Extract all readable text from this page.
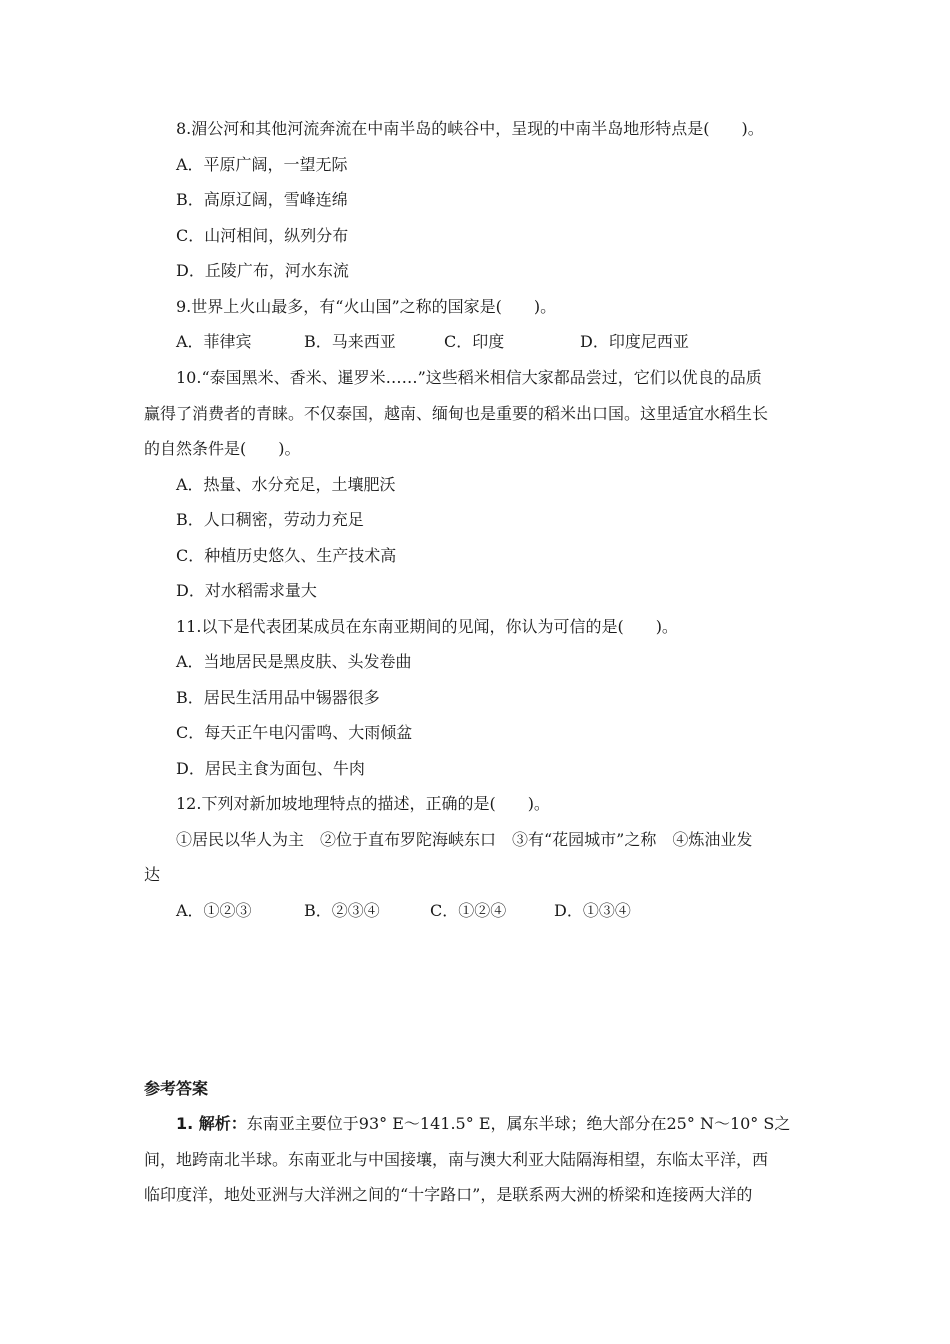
8.湄公河和其他河流奔流在中南半岛的峡谷中，呈现的中南半岛地形特点是(　　)。
A．平原广阔，一望无际
B．高原辽阔，雪峰连绵
C．山河相间，纵列分布
D．丘陵广布，河水东流
9.世界上火山最多，有“火山国”之称的国家是(　　)。
A．菲律宾	B．马来西亚	C．印度	D．印度尼西亚
10.“泰国黑米、香米、暹罗米……”这些稻米相信大家都品尝过，它们以优良的品质
赢得了消费者的青睐。不仅泰国，越南、缅甸也是重要的稻米出口国。这里适宜水稻生长
的自然条件是(　　)。
A．热量、水分充足，土壤肥沃
B．人口稠密，劳动力充足
C．种植历史悠久、生产技术高
D．对水稻需求量大
11.以下是代表团某成员在东南亚期间的见闻，你认为可信的是(　　)。
A．当地居民是黑皮肤、头发卷曲
B．居民生活用品中锡器很多
C．每天正午电闪雷鸣、大雨倾盆
D．居民主食为面包、牛肉
12.下列对新加坡地理特点的描述，正确的是(　　)。
①居民以华人为主　②位于直布罗陀海峡东口　③有“花园城市”之称　④炼油业发
达
A．①②③	B．②③④	C．①②④	D．①③④
参考答案
1. 解析：东南亚主要位于93° E～141.5° E，属东半球；绝大部分在25° N～10° S之
间，地跨南北半球。东南亚北与中国接壤，南与澳大利亚大陆隔海相望，东临太平洋，西
临印度洋，地处亚洲与大洋洲之间的“十字路口”，是联系两大洲的桥梁和连接两大洋的
